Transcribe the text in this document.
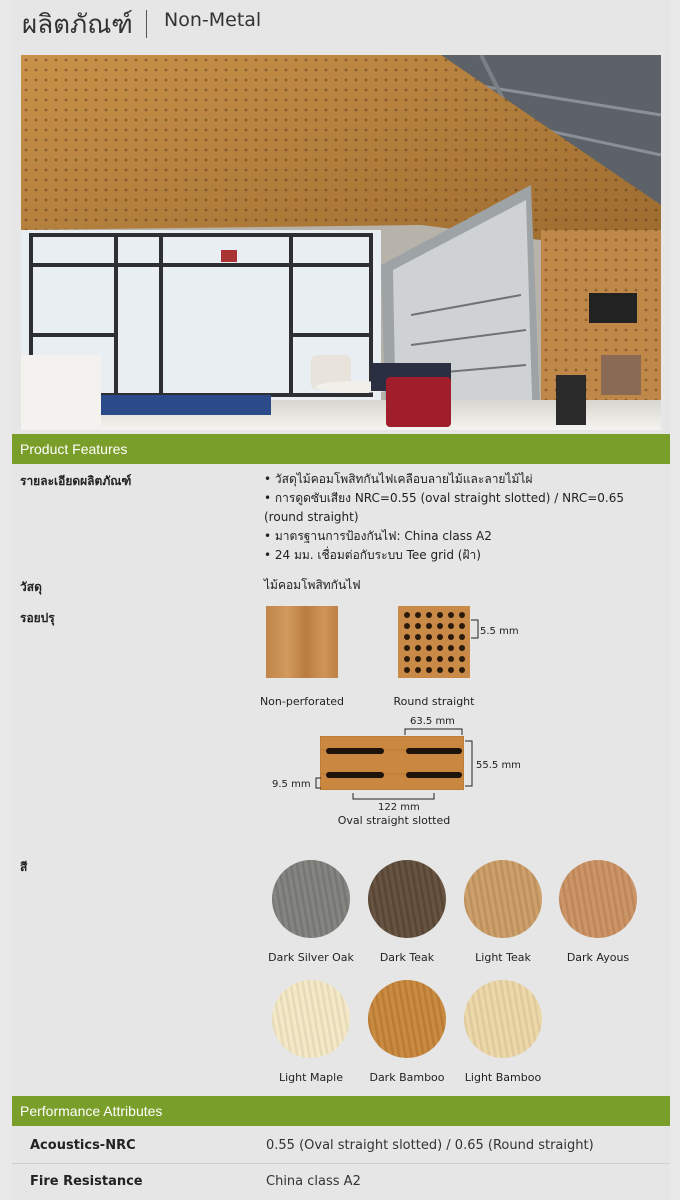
ผลิตภัณฑ์ Non-Metal
Product Features
รายละเอียดผลิตภัณฑ์	• วัสดุไม้คอมโพสิทกันไฟเคลือบลายไม้และลายไม้ไผ่
• การดูดซับเสียง NRC=0.55 (oval straight slotted) / NRC=0.65
(round straight)
• มาตรฐานการป้องกันไฟ: China class A2
• 24 มม. เชื่อมต่อกับระบบ Tee grid (ฝ้า)
วัสดุ	ไม้คอมโพสิทกันไฟ
รอยปรุ
Non-perforated
5.5 mm
Round straight
63.5 mm
55.5 mm
9.5 mm
122 mm
Oval straight slotted
สี
Dark Silver Oak	Dark Teak	Light Teak	Dark Ayous
Light Maple	Dark Bamboo	Light Bamboo
Performance Attributes
Acoustics-NRC	0.55 (Oval straight slotted) / 0.65 (Round straight)
Fire Resistance	China class A2
